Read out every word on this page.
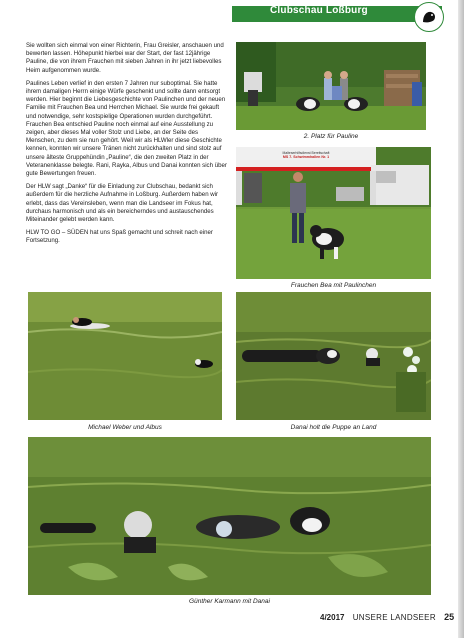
Clubschau Loßburg

Sie wollten sich einmal von einer Richterin, Frau Greisler, anschauen und bewerten lassen. Höhepunkt hierbei war der Start, der fast 12jährige Pauline, die von ihrem Frauchen mit sieben Jahren in ihr jetzt liebevolles Heim aufgenommen wurde.

Paulines Leben verlief in den ersten 7 Jahren nur suboptimal. Sie hatte ihrem damaligen Herrn einige Würfe geschenkt und sollte dann entsorgt werden. Hier beginnt die Liebesgeschichte von Paulinchen und der neuen Familie mit Frauchen Bea und Herrchen Michael. Sie wurde frei gekauft und notwendige, sehr kostspielige Operationen wurden durchgeführt. Frauchen Bea entschied Pauline noch einmal auf eine Ausstellung zu zeigen, aber dieses Mal voller Stolz und Liebe, an der Seite des Menschen, zu dem sie nun gehört. Weil wir als HLWler diese Geschichte kennen, konnten wir unsere Tränen nicht zurückhalten und sind stolz auf unsere älteste Gruppehündin „Pauline“, die den zweiten Platz in der Veteranenklasse belegte. Rani, Rayka, Albus und Danai konnten sich über gute Bewertungen freuen.

Der HLW sagt „Danke“ für die Einladung zur Clubschau, bedankt sich außerdem für die herzliche Aufnahme in Loßburg. Außerdem haben wir erlebt, dass das Vereinsleben, wenn man die Landseer im Fokus hat, durchaus harmonisch und als ein bereicherndes und austauschendes Miteinander gelebt werden kann.

HLW TO GO – SÜDEN hat uns Spaß gemacht und schreit nach einer Fortsetzung.

2. Platz für Pauline
Malteserhilfsdienst Bereitschaft
MS 7. Schwimmhallen Nr. 1
Frauchen Bea mit Paulinchen
Michael Weber und Albus	Danai holt die Puppe an Land
Günther Karmann mit Danai
4/2017 UNSERE LANDSEER 25
